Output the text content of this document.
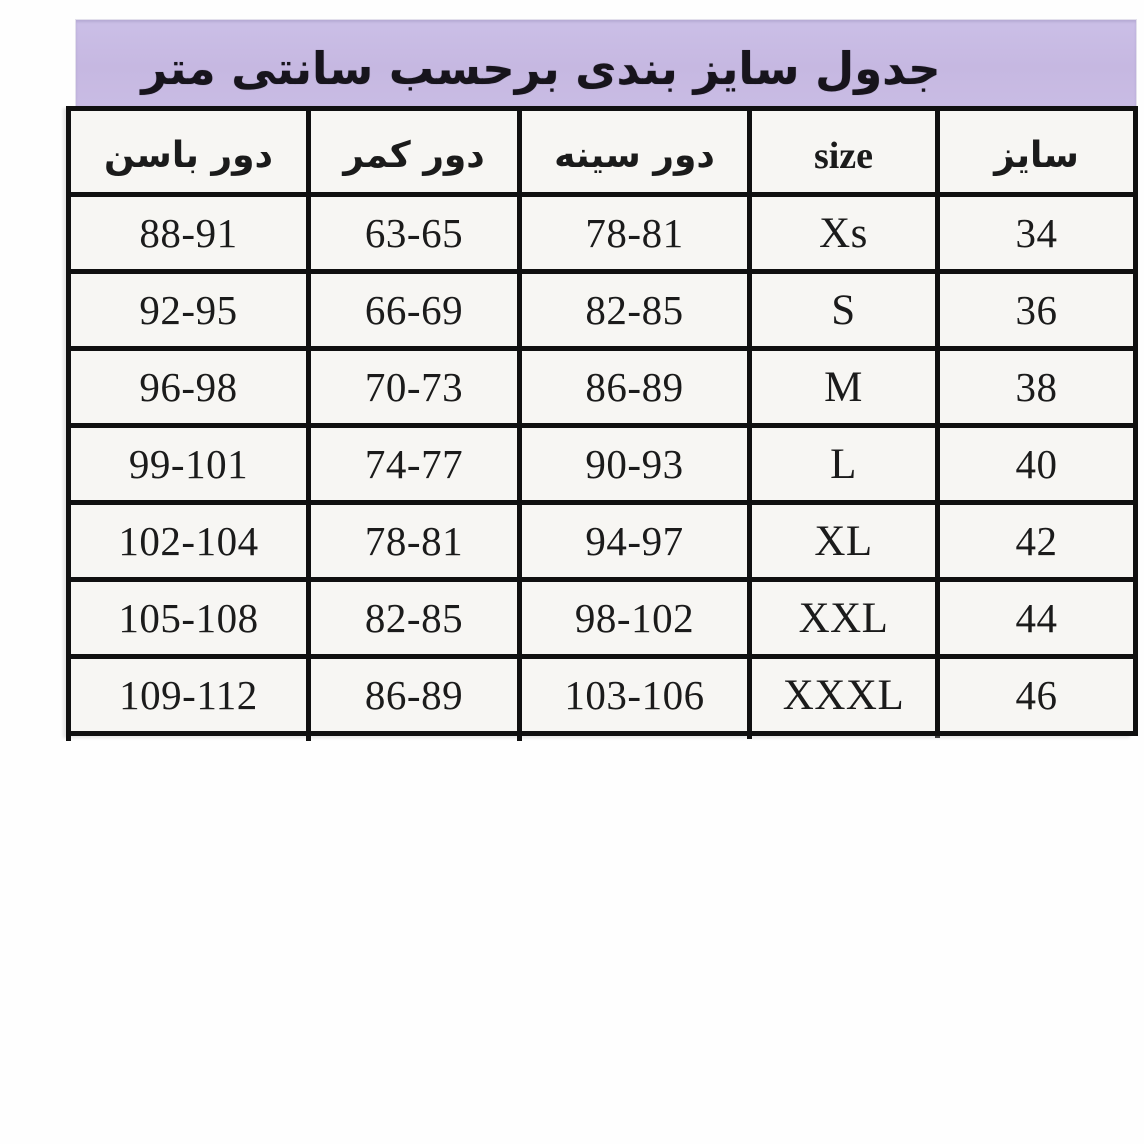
جدول سایز بندی برحسب سانتی متر
دور باسن	دور کمر	دور سینه	size	سایز
88-91	63-65	78-81	Xs	34
92-95	66-69	82-85	S	36
96-98	70-73	86-89	M	38
99-101	74-77	90-93	L	40
102-104	78-81	94-97	XL	42
105-108	82-85	98-102	XXL	44
109-112	86-89	103-106	XXXL	46
